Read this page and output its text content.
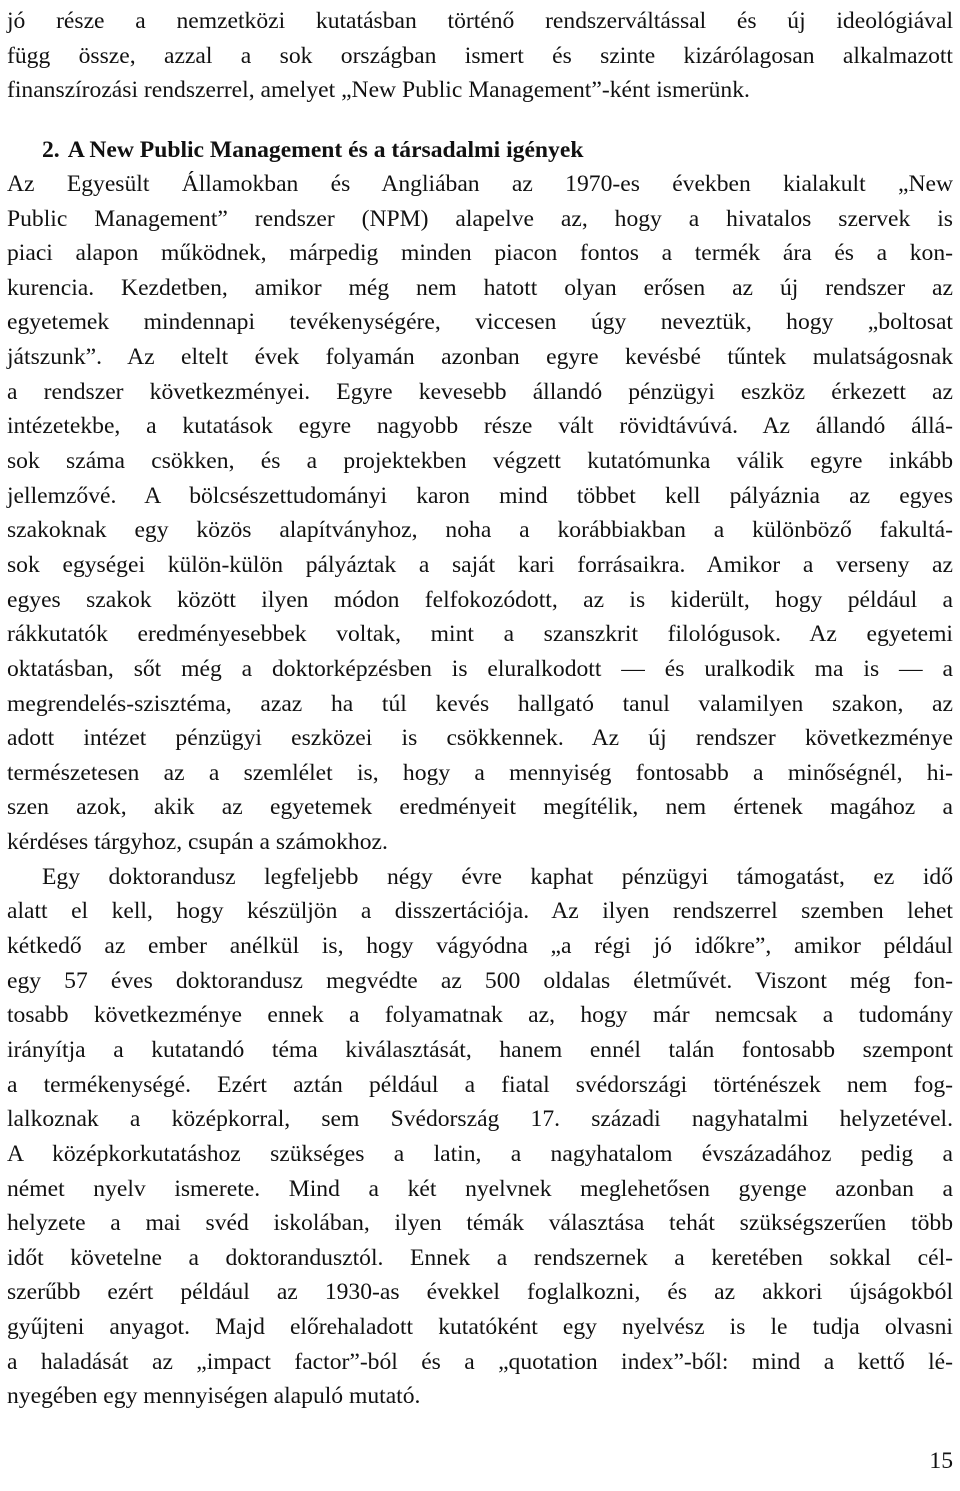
jó része a nemzetközi kutatásban történő rendszerváltással és új ideológiával
függ össze, azzal a sok országban ismert és szinte kizárólagosan alkalmazott
finanszírozási rendszerrel, amelyet „New Public Management”-ként ismerünk.
2. A New Public Management és a társadalmi igények
Az Egyesült Államokban és Angliában az 1970-es években kialakult „New
Public Management” rendszer (NPM) alapelve az, hogy a hivatalos szervek is
piaci alapon működnek, márpedig minden piacon fontos a termék ára és a kon-
kurencia. Kezdetben, amikor még nem hatott olyan erősen az új rendszer az
egyetemek mindennapi tevékenységére, viccesen úgy neveztük, hogy „boltosat
játszunk”. Az eltelt évek folyamán azonban egyre kevésbé tűntek mulatságosnak
a rendszer következményei. Egyre kevesebb állandó pénzügyi eszköz érkezett az
intézetekbe, a kutatások egyre nagyobb része vált rövidtávúvá. Az állandó állá-
sok száma csökken, és a projektekben végzett kutatómunka válik egyre inkább
jellemzővé. A bölcsészettudományi karon mind többet kell pályáznia az egyes
szakoknak egy közös alapítványhoz, noha a korábbiakban a különböző fakultá-
sok egységei külön-külön pályáztak a saját kari forrásaikra. Amikor a verseny az
egyes szakok között ilyen módon felfokozódott, az is kiderült, hogy például a
rákkutatók eredményesebbek voltak, mint a szanszkrit filológusok. Az egyetemi
oktatásban, sőt még a doktorképzésben is eluralkodott — és uralkodik ma is — a
megrendelés-szisztéma, azaz ha túl kevés hallgató tanul valamilyen szakon, az
adott intézet pénzügyi eszközei is csökkennek. Az új rendszer következménye
természetesen az a szemlélet is, hogy a mennyiség fontosabb a minőségnél, hi-
szen azok, akik az egyetemek eredményeit megítélik, nem értenek magához a
kérdéses tárgyhoz, csupán a számokhoz.
Egy doktorandusz legfeljebb négy évre kaphat pénzügyi támogatást, ez idő
alatt el kell, hogy készüljön a disszertációja. Az ilyen rendszerrel szemben lehet
kétkedő az ember anélkül is, hogy vágyódna „a régi jó időkre”, amikor például
egy 57 éves doktorandusz megvédte az 500 oldalas életművét. Viszont még fon-
tosabb következménye ennek a folyamatnak az, hogy már nemcsak a tudomány
irányítja a kutatandó téma kiválasztását, hanem ennél talán fontosabb szempont
a termékenységé. Ezért aztán például a fiatal svédországi történészek nem fog-
lalkoznak a középkorral, sem Svédország 17. századi nagyhatalmi helyzetével.
A középkorkutatáshoz szükséges a latin, a nagyhatalom évszázadához pedig a
német nyelv ismerete. Mind a két nyelvnek meglehetősen gyenge azonban a
helyzete a mai svéd iskolában, ilyen témák választása tehát szükségszerűen több
időt követelne a doktorandusztól. Ennek a rendszernek a keretében sokkal cél-
szerűbb ezért például az 1930-as évekkel foglalkozni, és az akkori újságokból
gyűjteni anyagot. Majd előrehaladott kutatóként egy nyelvész is le tudja olvasni
a haladását az „impact factor”-ból és a „quotation index”-ből: mind a kettő lé-
nyegében egy mennyiségen alapuló mutató.
15
